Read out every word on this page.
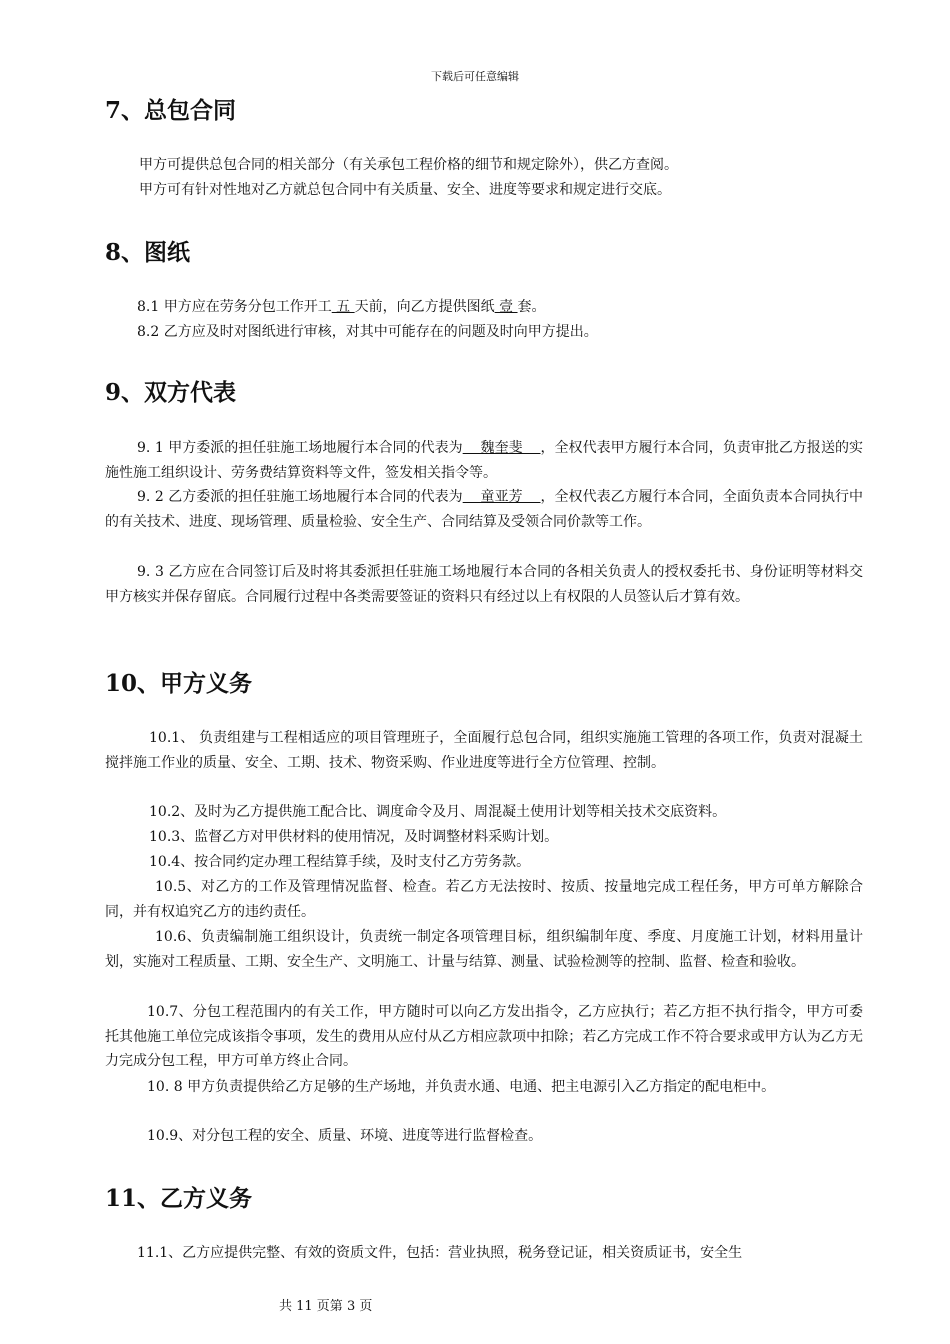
下载后可任意编辑
7、总包合同

甲方可提供总包合同的相关部分（有关承包工程价格的细节和规定除外），供乙方查阅。

甲方可有针对性地对乙方就总包合同中有关质量、安全、进度等要求和规定进行交底。

8、图纸

8.1 甲方应在劳务分包工作开工 五 天前，向乙方提供图纸 壹 套。

8.2 乙方应及时对图纸进行审核，对其中可能存在的问题及时向甲方提出。

9、双方代表

9. 1 甲方委派的担任驻施工场地履行本合同的代表为    魏奎斐    ，全权代表甲方履行本合同，负责审批乙方报送的实施性施工组织设计、劳务费结算资料等文件，签发相关指令等。

9. 2 乙方委派的担任驻施工场地履行本合同的代表为    童亚芳    ，全权代表乙方履行本合同，全面负责本合同执行中的有关技术、进度、现场管理、质量检验、安全生产、合同结算及受领合同价款等工作。

9. 3 乙方应在合同签订后及时将其委派担任驻施工场地履行本合同的各相关负责人的授权委托书、身份证明等材料交甲方核实并保存留底。合同履行过程中各类需要签证的资料只有经过以上有权限的人员签认后才算有效。

10、甲方义务

10.1、 负责组建与工程相适应的项目管理班子，全面履行总包合同，组织实施施工管理的各项工作，负责对混凝土搅拌施工作业的质量、安全、工期、技术、物资采购、作业进度等进行全方位管理、控制。

10.2、及时为乙方提供施工配合比、调度命令及月、周混凝土使用计划等相关技术交底资料。

10.3、监督乙方对甲供材料的使用情况，及时调整材料采购计划。

10.4、按合同约定办理工程结算手续，及时支付乙方劳务款。

10.5、对乙方的工作及管理情况监督、检查。若乙方无法按时、按质、按量地完成工程任务，甲方可单方解除合同，并有权追究乙方的违约责任。

10.6、负责编制施工组织设计，负责统一制定各项管理目标，组织编制年度、季度、月度施工计划，材料用量计划，实施对工程质量、工期、安全生产、文明施工、计量与结算、测量、试验检测等的控制、监督、检查和验收。

10.7、分包工程范围内的有关工作，甲方随时可以向乙方发出指令，乙方应执行；若乙方拒不执行指令，甲方可委托其他施工单位完成该指令事项，发生的费用从应付从乙方相应款项中扣除；若乙方完成工作不符合要求或甲方认为乙方无力完成分包工程，甲方可单方终止合同。

10. 8 甲方负责提供给乙方足够的生产场地，并负责水通、电通、把主电源引入乙方指定的配电柜中。

10.9、对分包工程的安全、质量、环境、进度等进行监督检查。

11、乙方义务

11.1、乙方应提供完整、有效的资质文件，包括：营业执照，税务登记证，相关资质证书，安全生

共 11 页第 3 页
